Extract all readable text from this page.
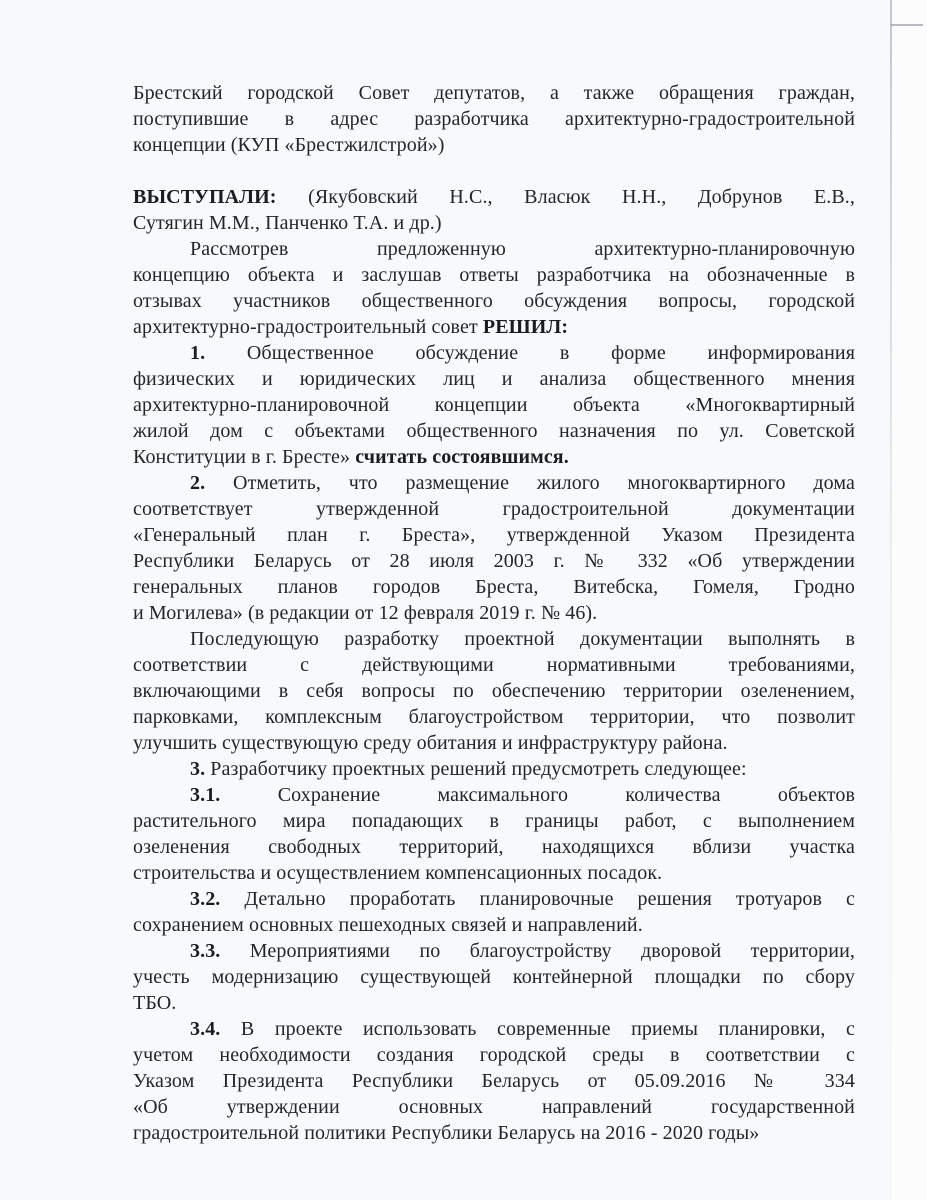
Брестский городской Совет депутатов, а также обращения граждан,
поступившие в адрес разработчика архитектурно-градостроительной
концепции (КУП «Брестжилстрой»)
ВЫСТУПАЛИ: (Якубовский Н.С., Власюк Н.Н., Добрунов Е.В.,
Сутягин М.М., Панченко Т.А. и др.)
Рассмотрев предложенную архитектурно-планировочную
концепцию объекта и заслушав ответы разработчика на обозначенные в
отзывах участников общественного обсуждения вопросы, городской
архитектурно-градостроительный совет РЕШИЛ:
1. Общественное обсуждение в форме информирования
физических и юридических лиц и анализа общественного мнения
архитектурно-планировочной концепции объекта «Многоквартирный
жилой дом с объектами общественного назначения по ул. Советской
Конституции в г. Бресте» считать состоявшимся.
2. Отметить, что размещение жилого многоквартирного дома
соответствует утвержденной градостроительной документации
«Генеральный план г. Бреста», утвержденной Указом Президента
Республики Беларусь от 28 июля 2003 г. № 332 «Об утверждении
генеральных планов городов Бреста, Витебска, Гомеля, Гродно
и Могилева» (в редакции от 12 февраля 2019 г. № 46).
Последующую разработку проектной документации выполнять в
соответствии с действующими нормативными требованиями,
включающими в себя вопросы по обеспечению территории озеленением,
парковками, комплексным благоустройством территории, что позволит
улучшить существующую среду обитания и инфраструктуру района.
3. Разработчику проектных решений предусмотреть следующее:
3.1. Сохранение максимального количества объектов
растительного мира попадающих в границы работ, с выполнением
озеленения свободных территорий, находящихся вблизи участка
строительства и осуществлением компенсационных посадок.
3.2. Детально проработать планировочные решения тротуаров с
сохранением основных пешеходных связей и направлений.
3.3. Мероприятиями по благоустройству дворовой территории,
учесть модернизацию существующей контейнерной площадки по сбору
ТБО.
3.4. В проекте использовать современные приемы планировки, с
учетом необходимости создания городской среды в соответствии с
Указом Президента Республики Беларусь от 05.09.2016 № 334
«Об утверждении основных направлений государственной
градостроительной политики Республики Беларусь на 2016 - 2020 годы»
